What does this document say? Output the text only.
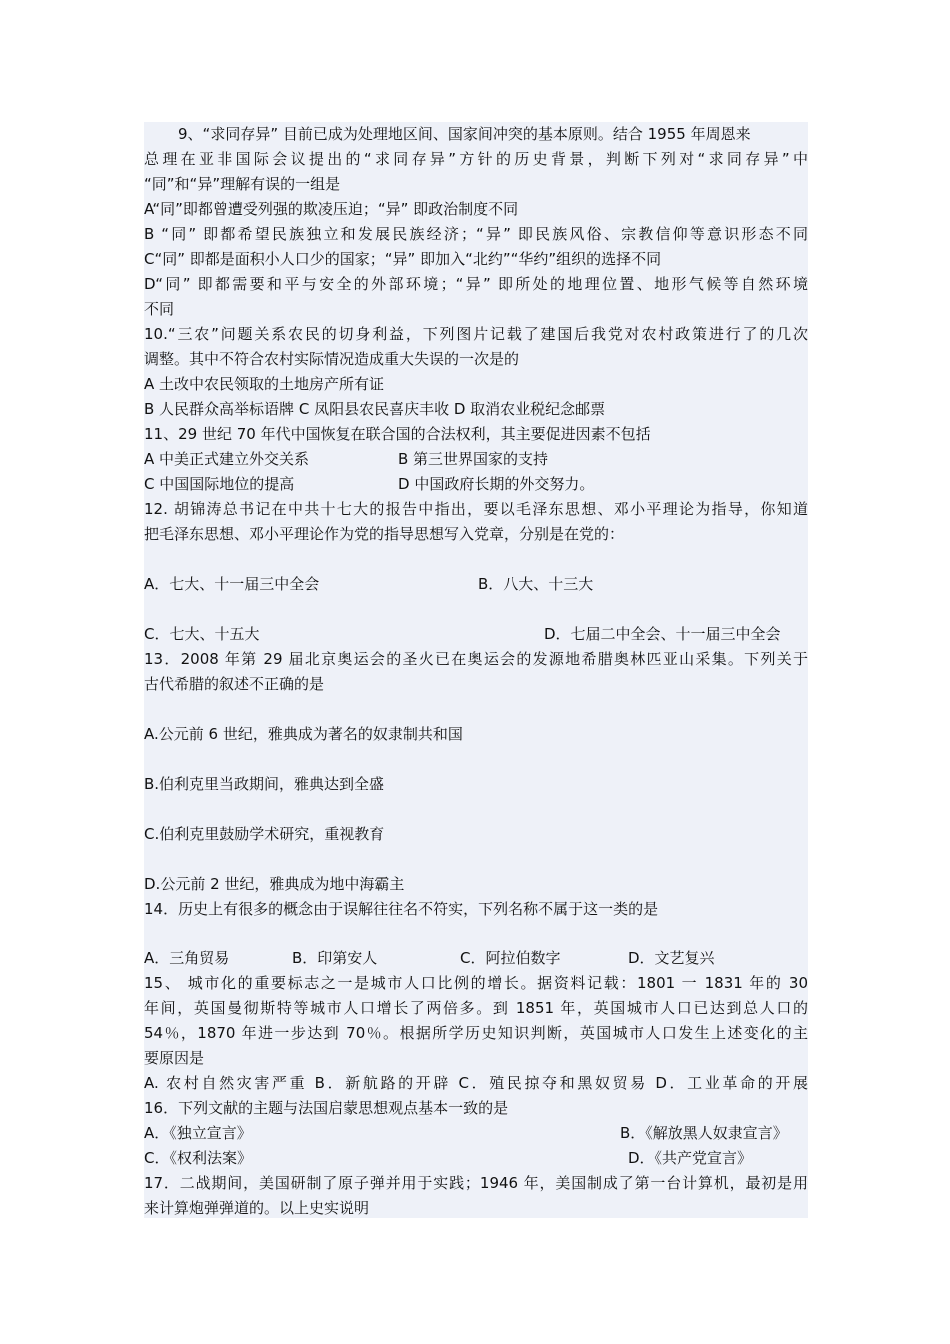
9、“求同存异” 目前已成为处理地区间、国家间冲突的基本原则。结合 1955 年周恩来
总理在亚非国际会议提出的“求同存异”方针的历史背景，判断下列对“求同存异”中
“同”和“异”理解有误的一组是
A“同”即都曾遭受列强的欺凌压迫；“异” 即政治制度不同
B “同” 即都希望民族独立和发展民族经济；“异” 即民族风俗、宗教信仰等意识形态不同
C“同” 即都是面积小人口少的国家；“异” 即加入“北约”“华约”组织的选择不同
D“同” 即都需要和平与安全的外部环境；“异” 即所处的地理位置、地形气候等自然环境
不同
10.“三农”问题关系农民的切身利益，下列图片记载了建国后我党对农村政策进行了的几次
调整。其中不符合农村实际情况造成重大失误的一次是的
A 土改中农民领取的土地房产所有证
B 人民群众高举标语牌 C 凤阳县农民喜庆丰收 D 取消农业税纪念邮票
11、29 世纪 70 年代中国恢复在联合国的合法权利，其主要促进因素不包括
A 中美正式建立外交关系	B 第三世界国家的支持
C 中国国际地位的提高	D 中国政府长期的外交努力。
12. 胡锦涛总书记在中共十七大的报告中指出，要以毛泽东思想、邓小平理论为指导，你知道
把毛泽东思想、邓小平理论作为党的指导思想写入党章，分别是在党的：
A．七大、十一届三中全会	B．八大、十三大
C．七大、十五大	D．七届二中全会、十一届三中全会
13．2008 年第 29 届北京奥运会的圣火已在奥运会的发源地希腊奥林匹亚山采集。下列关于
古代希腊的叙述不正确的是
A.公元前 6 世纪，雅典成为著名的奴隶制共和国
B.伯利克里当政期间，雅典达到全盛
C.伯利克里鼓励学术研究，重视教育
D.公元前 2 世纪，雅典成为地中海霸主
14．历史上有很多的概念由于误解往往名不符实，下列名称不属于这一类的是
A．三角贸易	B．印第安人	C．阿拉伯数字	D．文艺复兴
15、 城市化的重要标志之一是城市人口比例的增长。据资料记载：1801 一 1831 年的 30
年间，英国曼彻斯特等城市人口增长了两倍多。到 1851 年，英国城市人口已达到总人口的
54％，1870 年进一步达到 70％。根据所学历史知识判断，英国城市人口发生上述变化的主
要原因是
A. 农村自然灾害严重 B．新航路的开辟 C．殖民掠夺和黑奴贸易 D．工业革命的开展
16．下列文献的主题与法国启蒙思想观点基本一致的是
A．《独立宣言》	B．《解放黑人奴隶宣言》
C．《权利法案》	D．《共产党宣言》
17．二战期间，美国研制了原子弹并用于实践；1946 年，美国制成了第一台计算机，最初是用
来计算炮弹弹道的。以上史实说明
